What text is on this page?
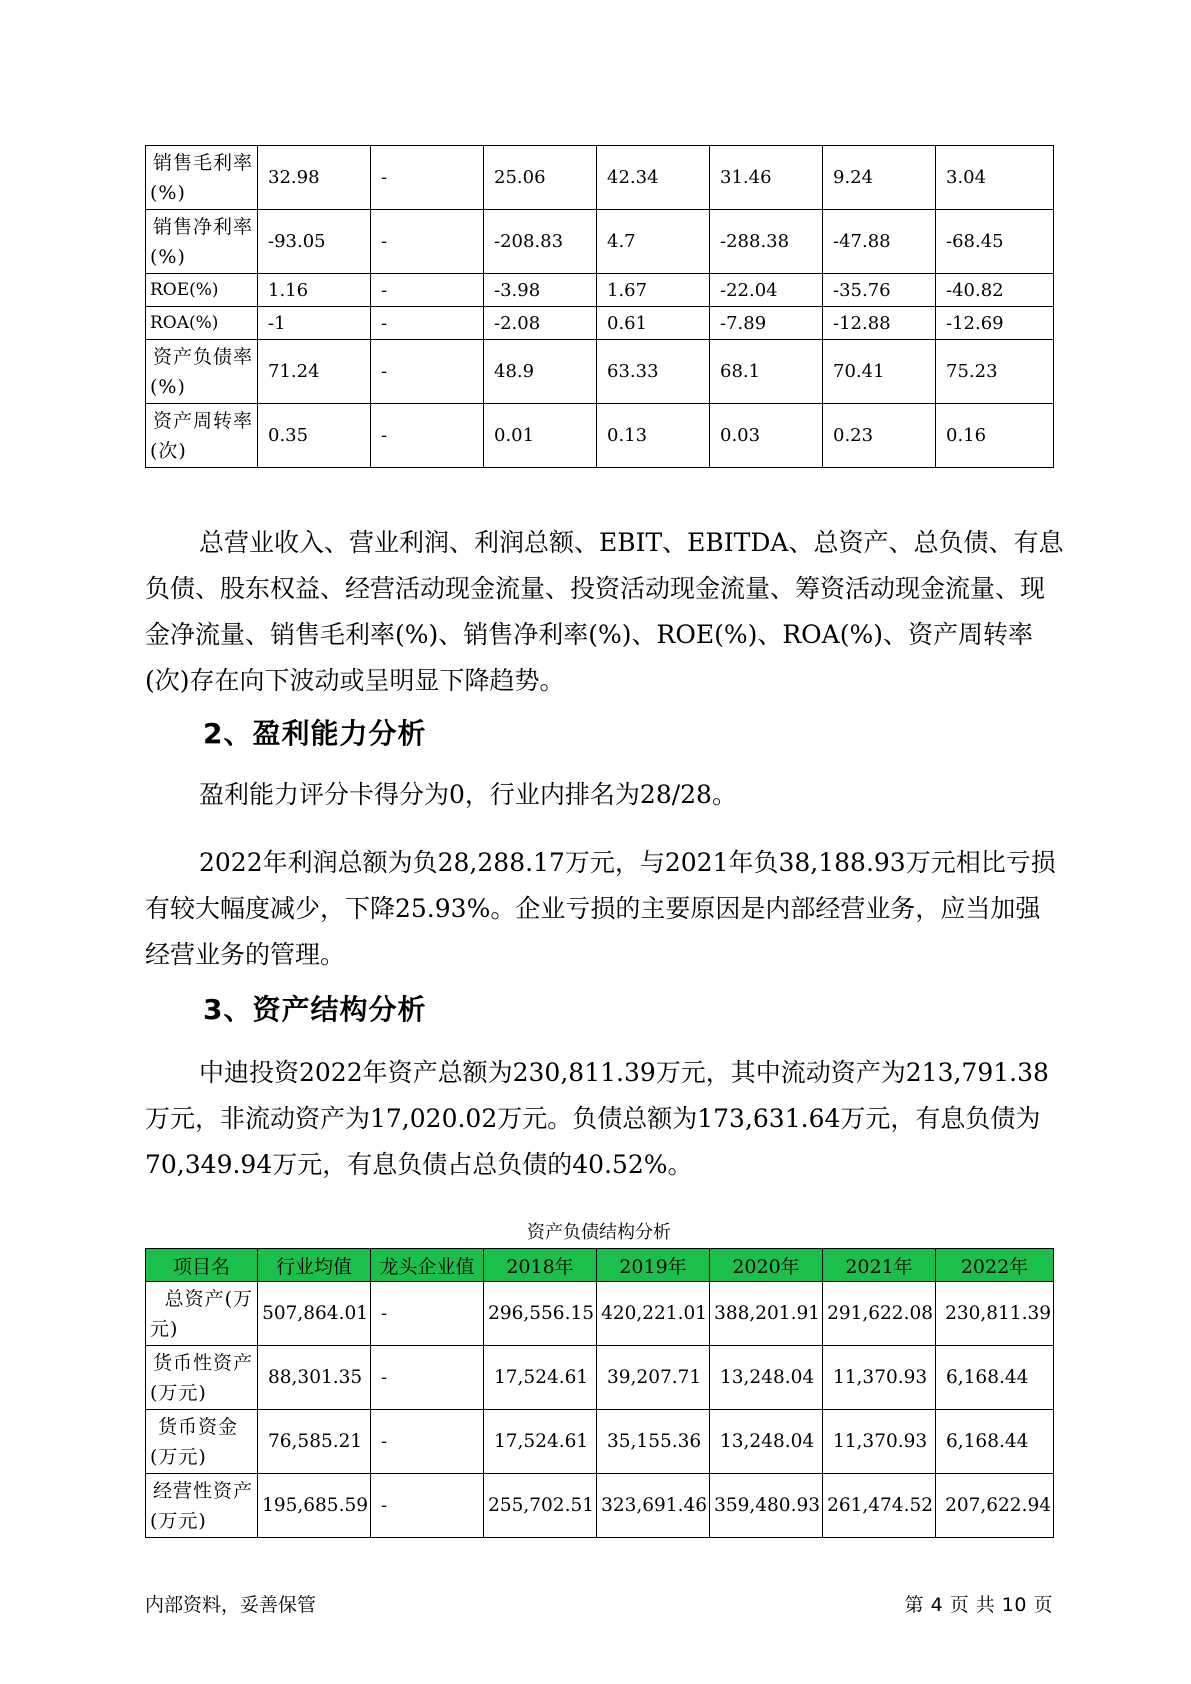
销售毛利率
(%)	32.98	-	25.06	42.34	31.46	9.24	3.04

销售净利率
(%)	-93.05	-	-208.83	4.7	-288.38	-47.88	-68.45
ROE(%)	1.16	-	-3.98	1.67	-22.04	-35.76	-40.82
ROA(%)	-1	-	-2.08	0.61	-7.89	-12.88	-12.69

资产负债率
(%)	71.24	-	48.9	63.33	68.1	70.41	75.23

资产周转率
(次)	0.35	-	0.01	0.13	0.03	0.23	0.16

总营业收入、营业利润、利润总额、EBIT、EBITDA、总资产、总负债、有息负债、股东权益、经营活动现金流量、投资活动现金流量、筹资活动现金流量、现金净流量、销售毛利率(%)、销售净利率(%)、ROE(%)、ROA(%)、资产周转率(次)存在向下波动或呈明显下降趋势。

2、盈利能力分析

盈利能力评分卡得分为0，行业内排名为28/28。

2022年利润总额为负28,288.17万元，与2021年负38,188.93万元相比亏损有较大幅度减少，下降25.93%。企业亏损的主要原因是内部经营业务，应当加强经营业务的管理。

3、资产结构分析

中迪投资2022年资产总额为230,811.39万元，其中流动资产为213,791.38万元，非流动资产为17,020.02万元。负债总额为173,631.64万元，有息负债为70,349.94万元，有息负债占总负债的40.52%。

资产负债结构分析
项目名	行业均值	龙头企业值	2018年	2019年	2020年	2021年	2022年

总资产(万
元)	507,864.01	-	296,556.15	420,221.01	388,201.91	291,622.08	230,811.39

货币性资产
(万元)	88,301.35	-	17,524.61	39,207.71	13,248.04	11,370.93	6,168.44

货币资金
(万元)	76,585.21	-	17,524.61	35,155.36	13,248.04	11,370.93	6,168.44

经营性资产
(万元)	195,685.59	-	255,702.51	323,691.46	359,480.93	261,474.52	207,622.94
内部资料，妥善保管	第 4 页 共 10 页
